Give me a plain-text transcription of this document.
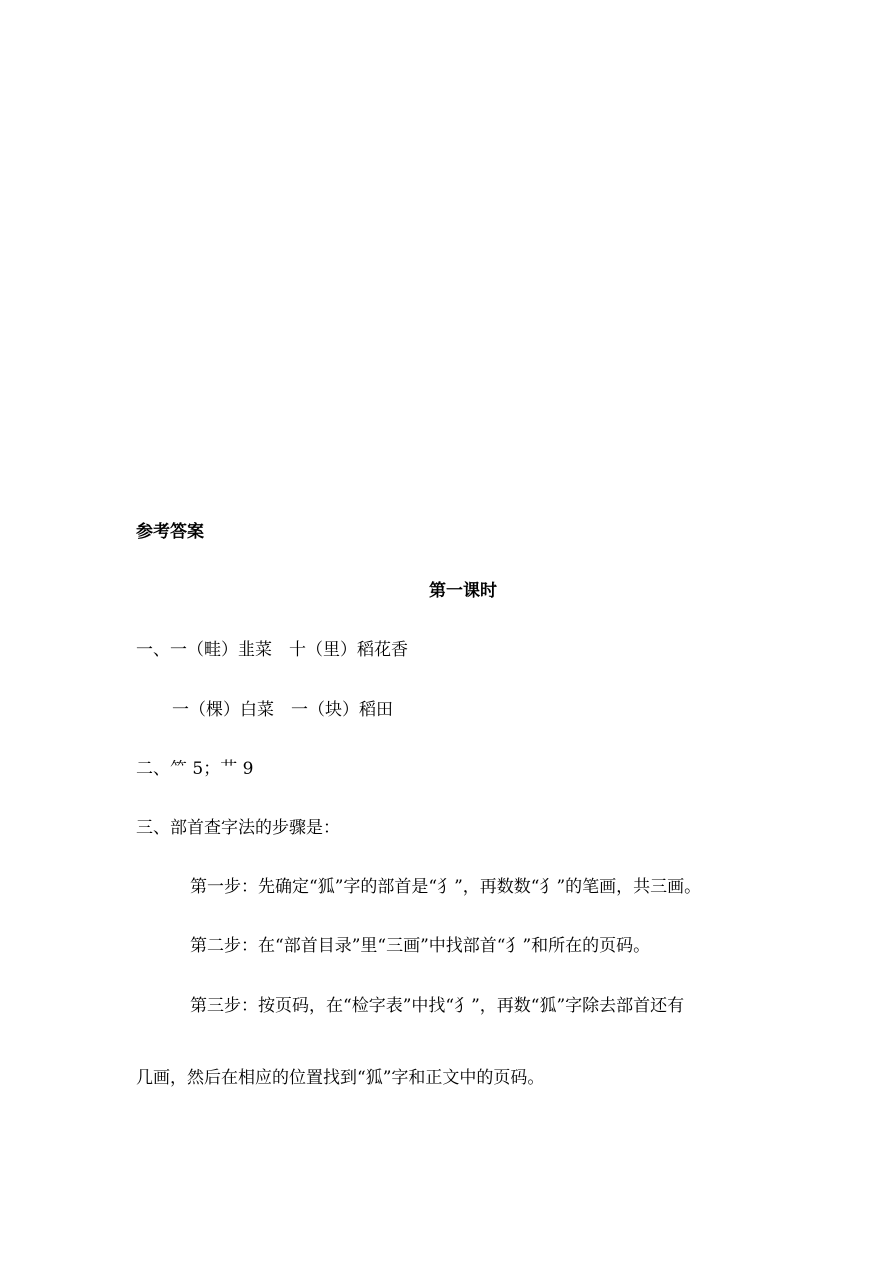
参考答案
第一课时
一、一（畦）韭菜　十（里）稻花香
一（棵）白菜　一（块）稻田
二、⺮ 5；艹 9
三、部首查字法的步骤是：
第一步：先确定“狐”字的部首是“犭”，再数数“犭”的笔画，共三画。
第二步：在“部首目录”里“三画”中找部首“犭”和所在的页码。
第三步：按页码，在“检字表”中找“犭”，再数“狐”字除去部首还有
几画，然后在相应的位置找到“狐”字和正文中的页码。
